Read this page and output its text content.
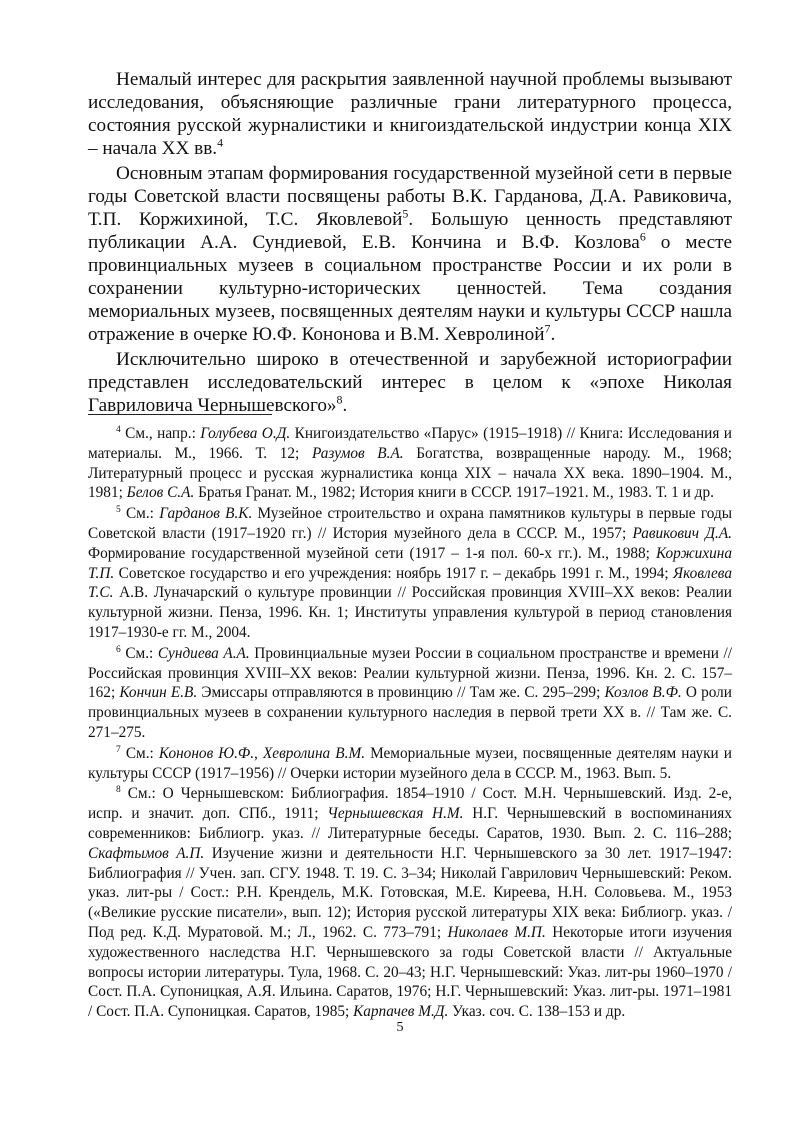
Немалый интерес для раскрытия заявленной научной проблемы вызывают исследования, объясняющие различные грани литературного процесса, состояния русской журналистики и книгоиздательской индустрии конца XIX – начала XX вв.$^4$

Основным этапам формирования государственной музейной сети в первые годы Советской власти посвящены работы В.К. Гарданова, Д.А. Равиковича, Т.П. Коржихиной, Т.С. Яковлевой$^5$. Большую ценность представляют публикации А.А. Сундиевой, Е.В. Кончина и В.Ф. Козлова$^6$ о месте провинциальных музеев в социальном пространстве России и их роли в сохранении культурно-исторических ценностей. Тема создания мемориальных музеев, посвященных деятелям науки и культуры СССР нашла отражение в очерке Ю.Ф. Кононова и В.М. Хевролиной$^7$.

Исключительно широко в отечественной и зарубежной историографии представлен исследовательский интерес в целом к «эпохе Николая Гавриловича Чернышевского»$^8$.

$^4$ См., напр.: Голубева О.Д. Книгоиздательство «Парус» (1915–1918) // Книга: Исследования и материалы. М., 1966. Т. 12; Разумов В.А. Богатства, возвращенные народу. М., 1968; Литературный процесс и русская журналистика конца XIX – начала XX века. 1890–1904. М., 1981; Белов С.А. Братья Гранат. М., 1982; История книги в СССР. 1917–1921. М., 1983. Т. 1 и др.

$^5$ См.: Гарданов В.К. Музейное строительство и охрана памятников культуры в первые годы Советской власти (1917–1920 гг.) // История музейного дела в СССР. М., 1957; Равикович Д.А. Формирование государственной музейной сети (1917 – 1-я пол. 60-х гг.). М., 1988; Коржихина Т.П. Советское государство и его учреждения: ноябрь 1917 г. – декабрь 1991 г. М., 1994; Яковлева Т.С. А.В. Луначарский о культуре провинции // Российская провинция XVIII–XX веков: Реалии культурной жизни. Пенза, 1996. Кн. 1; Институты управления культурой в период становления 1917–1930-е гг. М., 2004.

$^6$ См.: Сундиева А.А. Провинциальные музеи России в социальном пространстве и времени // Российская провинция XVIII–XX веков: Реалии культурной жизни. Пенза, 1996. Кн. 2. С. 157–162; Кончин Е.В. Эмиссары отправляются в провинцию // Там же. С. 295–299; Козлов В.Ф. О роли провинциальных музеев в сохранении культурного наследия в первой трети XX в. // Там же. С. 271–275.

$^7$ См.: Кононов Ю.Ф., Хевролина В.М. Мемориальные музеи, посвященные деятелям науки и культуры СССР (1917–1956) // Очерки истории музейного дела в СССР. М., 1963. Вып. 5.

$^8$ См.: О Чернышевском: Библиография. 1854–1910 / Сост. М.Н. Чернышевский. Изд. 2-е, испр. и значит. доп. СПб., 1911; Чернышевская Н.М. Н.Г. Чернышевский в воспоминаниях современников: Библиогр. указ. // Литературные беседы. Саратов, 1930. Вып. 2. С. 116–288; Скафтымов А.П. Изучение жизни и деятельности Н.Г. Чернышевского за 30 лет. 1917–1947: Библиография // Учен. зап. СГУ. 1948. Т. 19. С. 3–34; Николай Гаврилович Чернышевский: Реком. указ. лит-ры / Сост.: Р.Н. Крендель, М.К. Готовская, М.Е. Киреева, Н.Н. Соловьева. М., 1953 («Великие русские писатели», вып. 12); История русской литературы XIX века: Библиогр. указ. / Под ред. К.Д. Муратовой. М.; Л., 1962. С. 773–791; Николаев М.П. Некоторые итоги изучения художественного наследства Н.Г. Чернышевского за годы Советской власти // Актуальные вопросы истории литературы. Тула, 1968. С. 20–43; Н.Г. Чернышевский: Указ. лит-ры 1960–1970 / Сост. П.А. Супоницкая, А.Я. Ильина. Саратов, 1976; Н.Г. Чернышевский: Указ. лит-ры. 1971–1981 / Сост. П.А. Супоницкая. Саратов, 1985; Карпачев М.Д. Указ. соч. С. 138–153 и др.

5
